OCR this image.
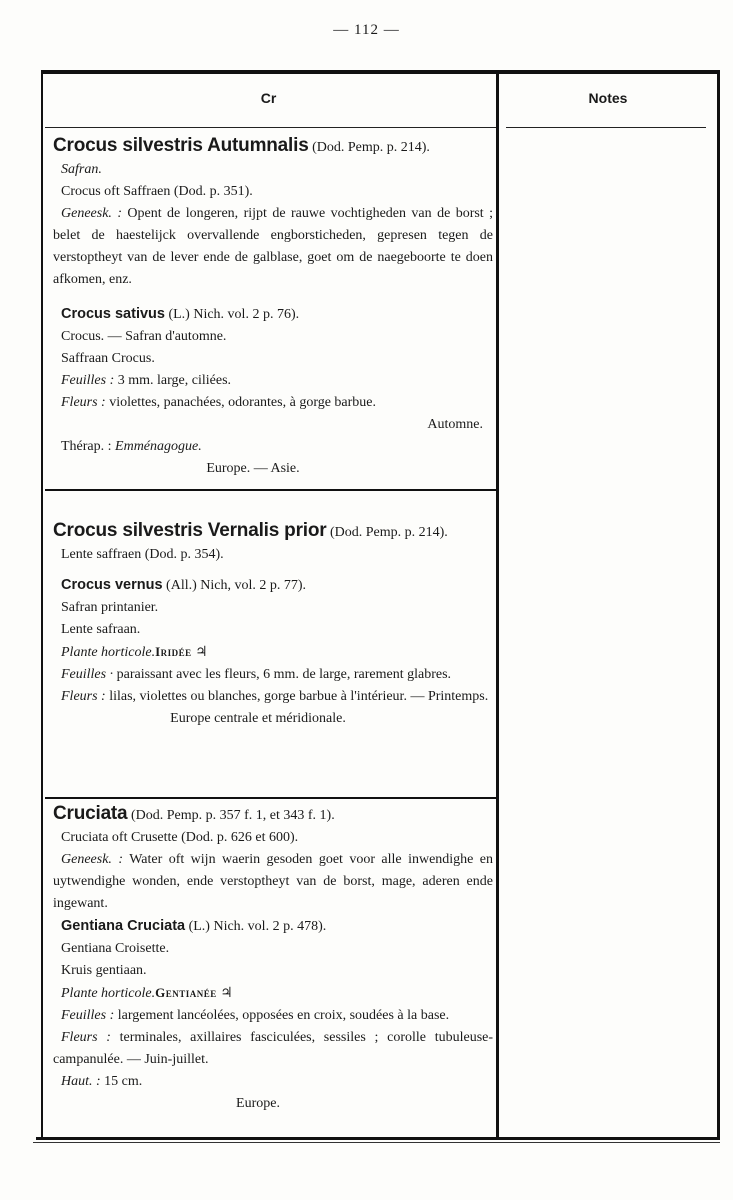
— 112 —
Cr	Notes
Crocus silvestris Autumnalis (Dod. Pemp. p. 214).
Safran.
Crocus oft Saffraen (Dod. p. 351).
Geneesk. : Opent de longeren, rijpt de rauwe vochtigheden van de borst ; belet de haestelijck overvallende engborstichеden, gepresen tegen de verstoptheyt van de lever ende de galblase, goet om de naegeboorte te doen afkomen, enz.
Crocus sativus (L.) Nich. vol. 2 p. 76).
Crocus. — Safran d'automne.
Saffraan Crocus.
Feuilles : 3 mm. large, ciliées.
Fleurs : violettes, panachées, odorantes, à gorge barbue.
Automne.
Thérap. : Emménagogue.
Europe. — Asie.
Crocus silvestris Vernalis prior (Dod. Pemp. p. 214).
Lente saffraen (Dod. p. 354).
Crocus vernus (All.) Nich, vol. 2 p. 77).
Safran printanier.
Lente safraan.
Plante horticole.Iridée ♃
Feuilles · paraissant avec les fleurs, 6 mm. de large, rarement glabres.
Fleurs : lilas, violettes ou blanches, gorge barbue à l'intérieur. — Printemps.
Europe centrale et méridionale.
Cruciata (Dod. Pemp. p. 357 f. 1, et 343 f. 1).
Cruciata oft Crusette (Dod. p. 626 et 600).
Geneesk. : Water oft wijn waerin gesoden goet voor alle inwendighe en uytwendighe wonden, ende verstoptheyt van de borst, mage, aderen ende ingewant.
Gentiana Cruciata (L.) Nich. vol. 2 p. 478).
Gentiana Croisette.
Kruis gentiaan.
Plante horticole.Gentianée ♃
Feuilles : largement lancéolées, opposées en croix, soudées à la base.
Fleurs : terminales, axillaires fasciculées, sessiles ; corolle tubuleuse-campanulée. — Juin-juillet.
Haut. : 15 cm.
Europe.
